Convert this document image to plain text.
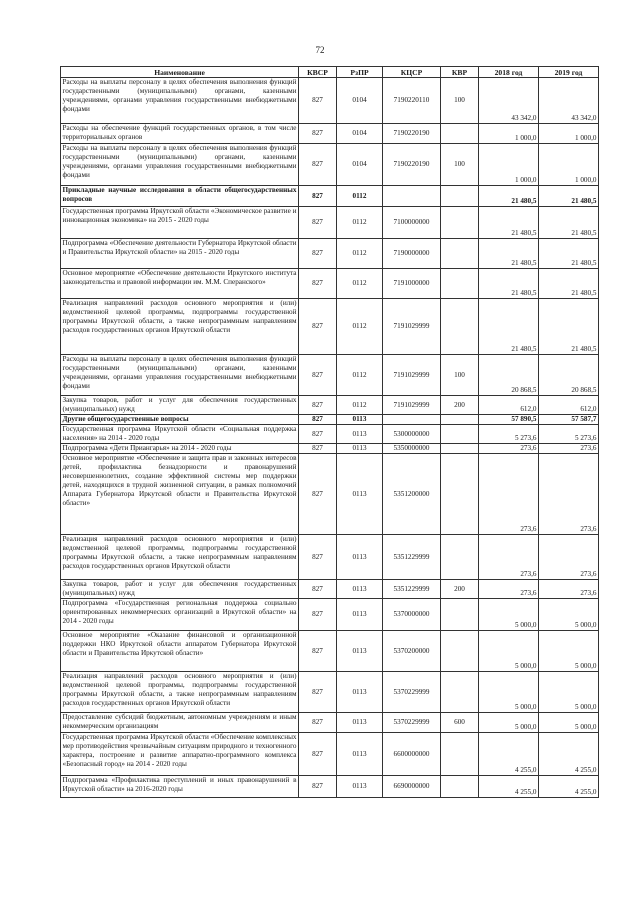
72
Наименование	КВСР	РзПР	КЦСР	КВР	2018 год	2019 год
Расходы на выплаты персоналу в целях обеспечения выполнения функций государственными (муниципальными) органами, казенными учреждениями, органами управления государственными внебюджетными фондами	827	0104	7190220110	100	43 342,0	43 342,0
Расходы на обеспечение функций государственных органов, в том числе территориальных органов	827	0104	7190220190		1 000,0	1 000,0
Расходы на выплаты персоналу в целях обеспечения выполнения функций государственными (муниципальными) органами, казенными учреждениями, органами управления государственными внебюджетными фондами	827	0104	7190220190	100	1 000,0	1 000,0
Прикладные научные исследования в области общегосударственных вопросов	827	0112			21 480,5	21 480,5
Государственная программа Иркутской области «Экономическое развитие и инновационная экономика» на 2015 - 2020 годы	827	0112	7100000000		21 480,5	21 480,5
Подпрограмма «Обеспечение деятельности Губернатора Иркутской области и Правительства Иркутской области» на 2015 - 2020 годы	827	0112	7190000000		21 480,5	21 480,5
Основное мероприятие «Обеспечение деятельности Иркутского института законодательства и правовой информации им. М.М. Сперанского»	827	0112	7191000000		21 480,5	21 480,5
Реализация направлений расходов основного мероприятия и (или) ведомственной целевой программы, подпрограммы государственной программы Иркутской области, а также непрограммным направлениям расходов государственных органов Иркутской области	827	0112	7191029999		21 480,5	21 480,5
Расходы на выплаты персоналу в целях обеспечения выполнения функций государственными (муниципальными) органами, казенными учреждениями, органами управления государственными внебюджетными фондами	827	0112	7191029999	100	20 868,5	20 868,5
Закупка товаров, работ и услуг для обеспечения государственных (муниципальных) нужд	827	0112	7191029999	200	612,0	612,0
Другие общегосударственные вопросы	827	0113			57 890,5	57 587,7
Государственная программа Иркутской области «Социальная поддержка населения» на 2014 - 2020 годы	827	0113	5300000000		5 273,6	5 273,6
Подпрограмма «Дети Приангарья» на 2014 - 2020 годы	827	0113	5350000000		273,6	273,6
Основное мероприятие «Обеспечение и защита прав и законных интересов детей, профилактика безнадзорности и правонарушений несовершеннолетних, создание эффективной системы мер поддержки детей, находящихся в трудной жизненной ситуации, в рамках полномочий Аппарата Губернатора Иркутской области и Правительства Иркутской области»	827	0113	5351200000		273,6	273,6
Реализация направлений расходов основного мероприятия и (или) ведомственной целевой программы, подпрограммы государственной программы Иркутской области, а также непрограммным направлениям расходов государственных органов Иркутской области	827	0113	5351229999		273,6	273,6
Закупка товаров, работ и услуг для обеспечения государственных (муниципальных) нужд	827	0113	5351229999	200	273,6	273,6
Подпрограмма «Государственная региональная поддержка социально ориентированных некоммерческих организаций в Иркутской области» на 2014 - 2020 годы	827	0113	5370000000		5 000,0	5 000,0
Основное мероприятие «Оказание финансовой и организационной поддержки НКО Иркутской области аппаратом Губернатора Иркутской области и Правительства Иркутской области»	827	0113	5370200000		5 000,0	5 000,0
Реализация направлений расходов основного мероприятия и (или) ведомственной целевой программы, подпрограммы государственной программы Иркутской области, а также непрограммным направлениям расходов государственных органов Иркутской области	827	0113	5370229999		5 000,0	5 000,0
Предоставление субсидий бюджетным, автономным учреждениям и иным некоммерческим организациям	827	0113	5370229999	600	5 000,0	5 000,0
Государственная программа Иркутской области «Обеспечение комплексных мер противодействия чрезвычайным ситуациям природного и техногенного характера, построение и развитие аппаратно-программного комплекса «Безопасный город» на 2014 - 2020 годы	827	0113	6600000000		4 255,0	4 255,0
Подпрограмма «Профилактика преступлений и иных правонарушений в Иркутской области» на 2016-2020 годы	827	0113	6690000000		4 255,0	4 255,0
